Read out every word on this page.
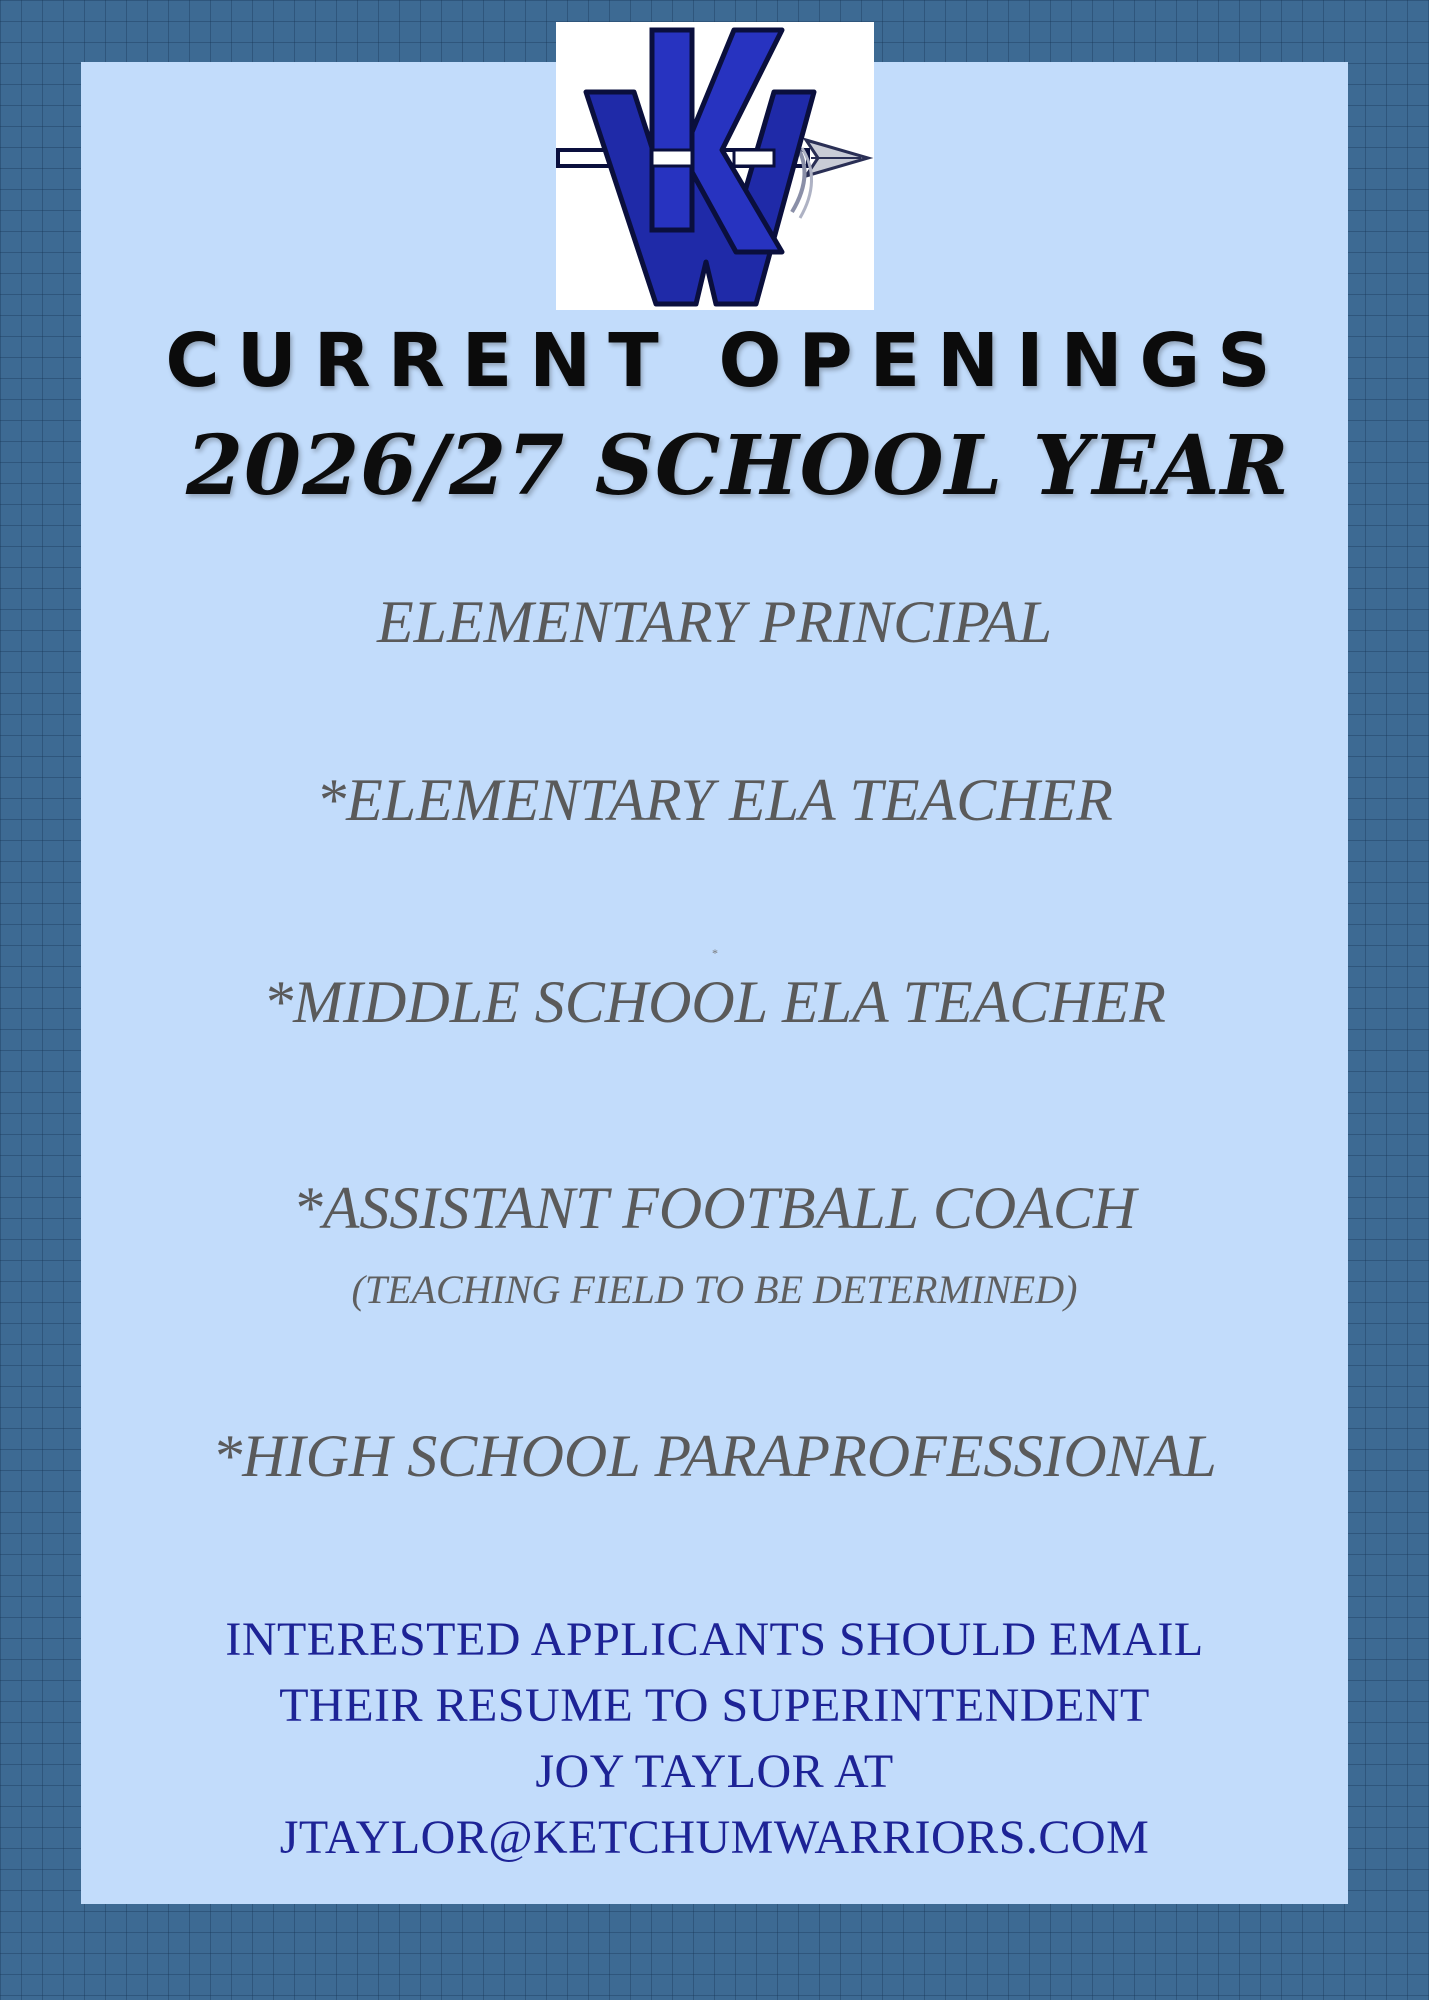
CURRENT OPENINGS
2026/27 SCHOOL YEAR

ELEMENTARY PRINCIPAL

*ELEMENTARY ELA TEACHER

*

*MIDDLE SCHOOL ELA TEACHER

*ASSISTANT FOOTBALL COACH

(TEACHING FIELD TO BE DETERMINED)

*HIGH SCHOOL PARAPROFESSIONAL

INTERESTED APPLICANTS SHOULD EMAIL

THEIR RESUME TO SUPERINTENDENT

JOY TAYLOR AT

JTAYLOR@KETCHUMWARRIORS.COM
